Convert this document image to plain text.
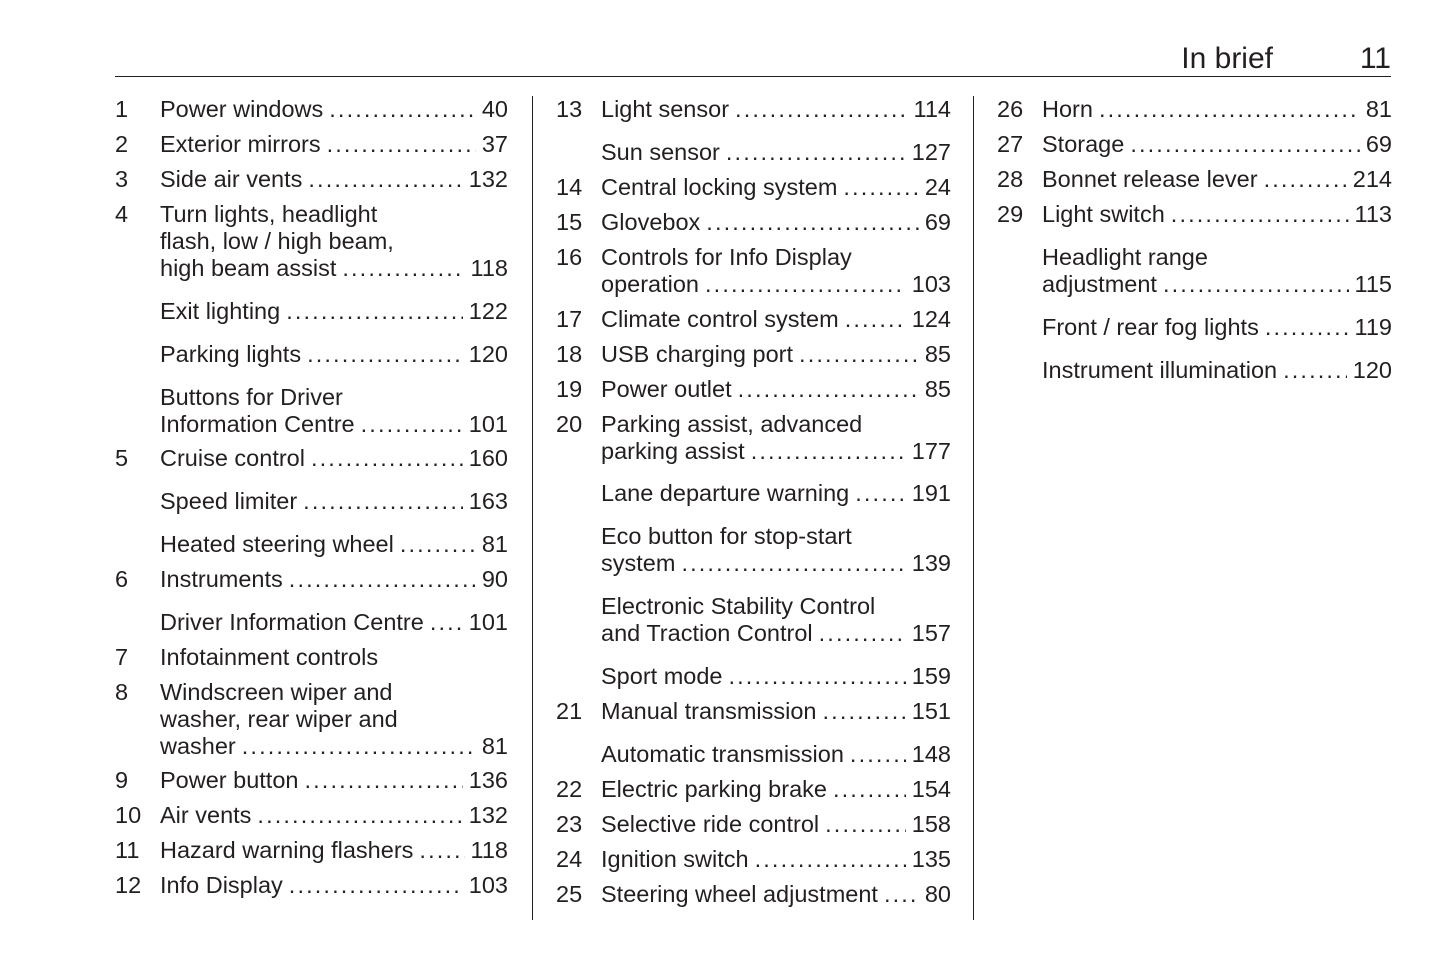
In brief	11
1 Power windows . . .	40
2 Exterior mirrors . . .	37
3 Side air vents . . .	132
4 Turn lights, headlight
flash, low / high beam,
high beam assist . . .	118
Exit lighting . . .	122
Parking lights . . .	120
Buttons for Driver
Information Centre . . .	101
5 Cruise control . . .	160
Speed limiter . . .	163
Heated steering wheel . . .	81
6 Instruments . . .	90
Driver Information Centre . . . 101
7 Infotainment controls
8 Windscreen wiper and
washer, rear wiper and
washer . . .	81
9 Power button . . .	136
10 Air vents . . .	132
11 Hazard warning flashers . . . 118
12 Info Display . . .	103
13 Light sensor . . .	114
Sun sensor . . .	127
14 Central locking system . . .	24
15 Glovebox . . .	69
16 Controls for Info Display
operation . . .	103
17 Climate control system . . .	124
18 USB charging port . . .	85
19 Power outlet . . .	85
20 Parking assist, advanced
parking assist . . .	177
Lane departure warning . . .	191
Eco button for stop-start
system . . .	139
Electronic Stability Control
and Traction Control . . .	157
Sport mode . . .	159
21 Manual transmission . . .	151
Automatic transmission . . .	148
22 Electric parking brake . . .	154
23 Selective ride control . . .	158
24 Ignition switch . . .	135
25 Steering wheel adjustment . . . 80
26 Horn . . .	81
27 Storage . . .	69
28 Bonnet release lever . . .	214
29 Light switch . . .	113
Headlight range
adjustment . . .	115
Front / rear fog lights . . .	119
Instrument illumination . . .	120
